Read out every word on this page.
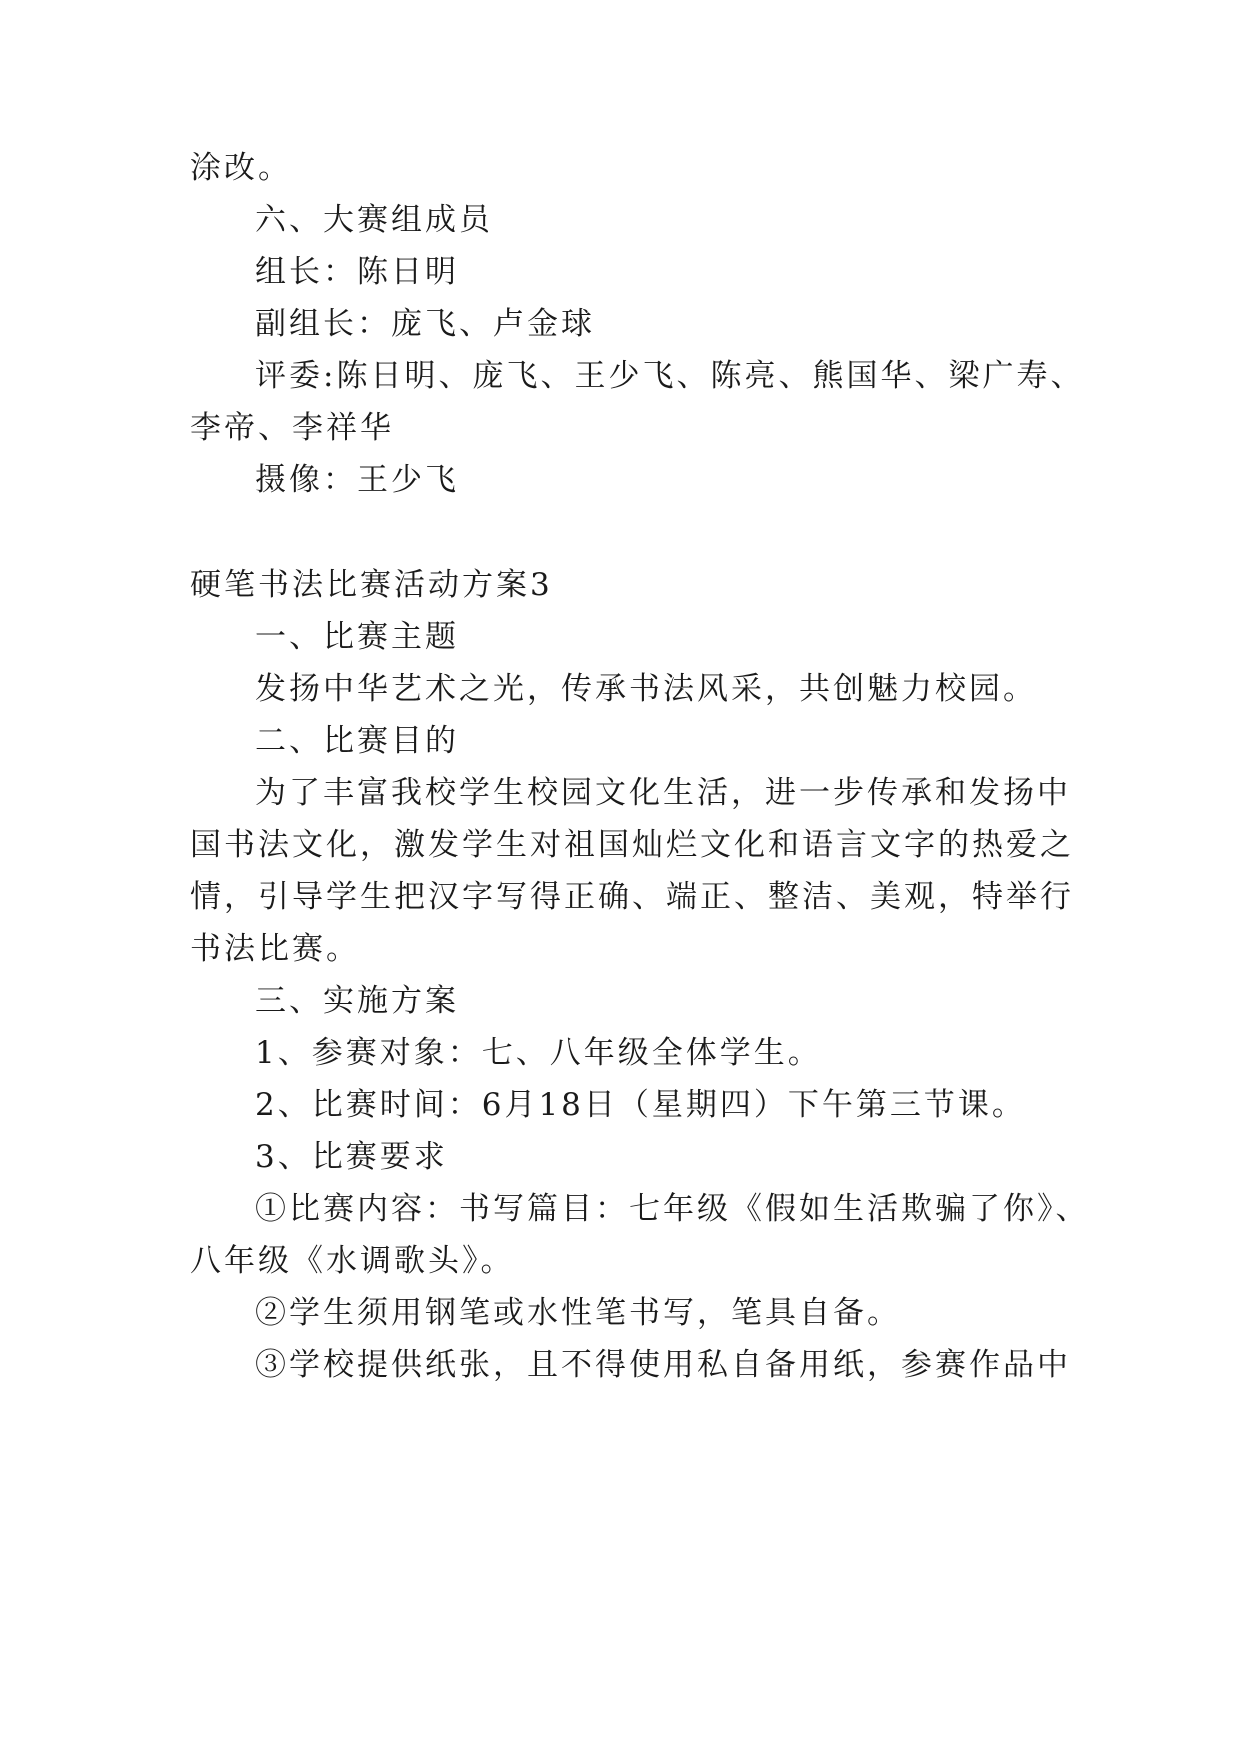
涂改。

六、大赛组成员

组长：陈日明

副组长：庞飞、卢金球

评委:陈日明、庞飞、王少飞、陈亮、熊国华、梁广寿、

李帝、李祥华

摄像：王少飞

硬笔书法比赛活动方案3

一、比赛主题

发扬中华艺术之光，传承书法风采，共创魅力校园。

二、比赛目的

为了丰富我校学生校园文化生活，进一步传承和发扬中

国书法文化，激发学生对祖国灿烂文化和语言文字的热爱之

情，引导学生把汉字写得正确、端正、整洁、美观，特举行

书法比赛。

三、实施方案

1、参赛对象：七、八年级全体学生。

2、比赛时间：6月18日（星期四）下午第三节课。

3、比赛要求

①比赛内容：书写篇目：七年级《假如生活欺骗了你》、

八年级《水调歌头》。

②学生须用钢笔或水性笔书写，笔具自备。

③学校提供纸张，且不得使用私自备用纸，参赛作品中
